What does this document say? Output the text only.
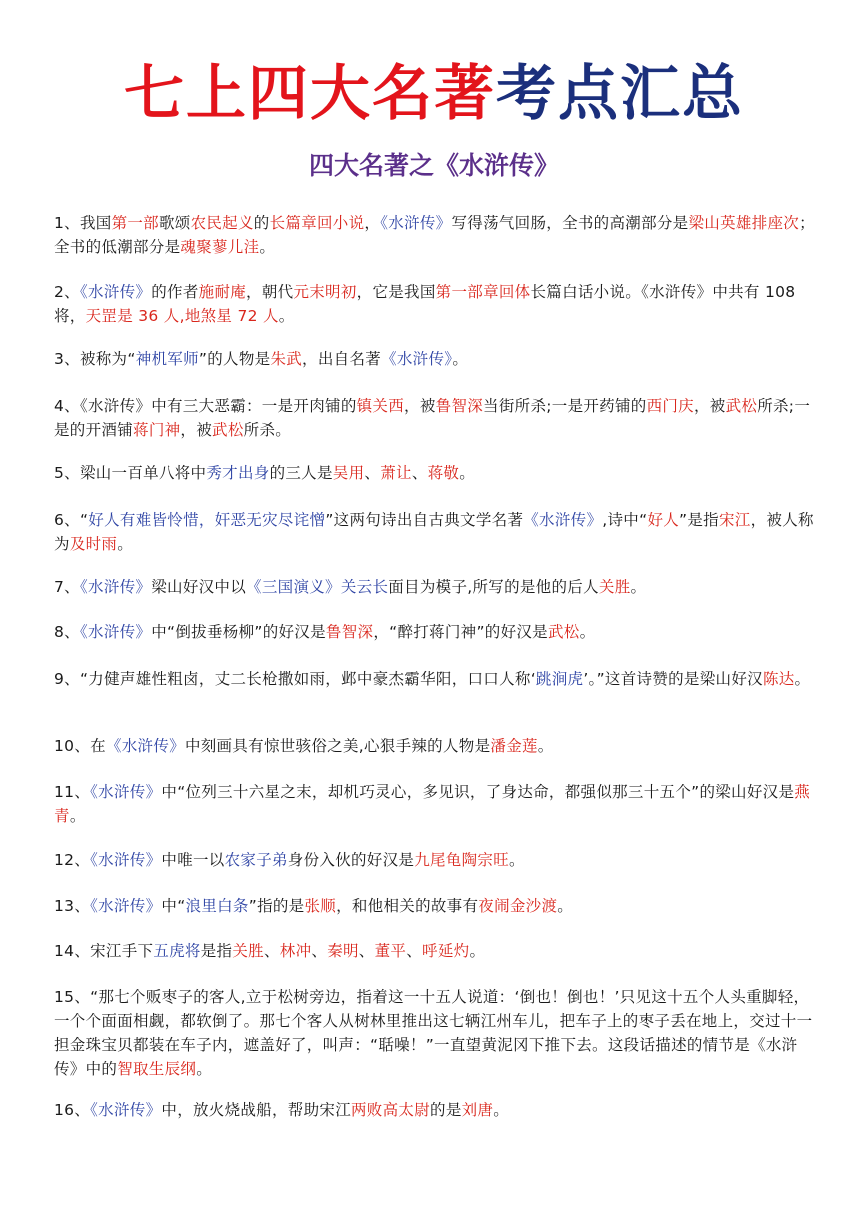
七上四大名著考点汇总
四大名著之《水浒传》
1、我国第一部歌颂农民起义的长篇章回小说，《水浒传》写得荡气回肠，全书的高潮部分是梁山英雄排座次；全书的低潮部分是魂聚蓼儿洼。
2、《水浒传》的作者施耐庵，朝代元末明初，它是我国第一部章回体长篇白话小说。《水浒传》中共有 108 将，天罡是 36 人,地煞星 72 人。
3、被称为“神机军师”的人物是朱武，出自名著《水浒传》。
4、《水浒传》中有三大恶霸：一是开肉铺的镇关西，被鲁智深当街所杀;一是开药铺的西门庆，被武松所杀;一是的开酒铺蒋门神，被武松所杀。
5、梁山一百单八将中秀才出身的三人是吴用、萧让、蒋敬。
6、“好人有难皆怜惜，奸恶无灾尽诧憎”这两句诗出自古典文学名著《水浒传》,诗中“好人”是指宋江，被人称为及时雨。
7、《水浒传》梁山好汉中以《三国演义》关云长面目为模子,所写的是他的后人关胜。
8、《水浒传》中“倒拔垂杨柳”的好汉是鲁智深，“醉打蒋门神”的好汉是武松。
9、“力健声雄性粗卤，丈二长枪撒如雨，邺中豪杰霸华阳，口口人称‘跳涧虎’。”这首诗赞的是梁山好汉陈达。
10、在《水浒传》中刻画具有惊世骇俗之美,心狠手辣的人物是潘金莲。
11、《水浒传》中“位列三十六星之末，却机巧灵心，多见识，了身达命，都强似那三十五个”的梁山好汉是燕青。
12、《水浒传》中唯一以农家子弟身份入伙的好汉是九尾龟陶宗旺。
13、《水浒传》中“浪里白条”指的是张顺，和他相关的故事有夜闹金沙渡。
14、宋江手下五虎将是指关胜、林冲、秦明、董平、呼延灼。
15、“那七个贩枣子的客人,立于松树旁边，指着这一十五人说道：‘倒也！倒也！’只见这十五个人头重脚轻，一个个面面相觑，都软倒了。那七个客人从树林里推出这七辆江州车儿，把车子上的枣子丢在地上，交过十一担金珠宝贝都装在车子内，遮盖好了，叫声：“聒噪！”一直望黄泥冈下推下去。这段话描述的情节是《水浒传》中的智取生辰纲。
16、《水浒传》中，放火烧战船，帮助宋江两败高太尉的是刘唐。
